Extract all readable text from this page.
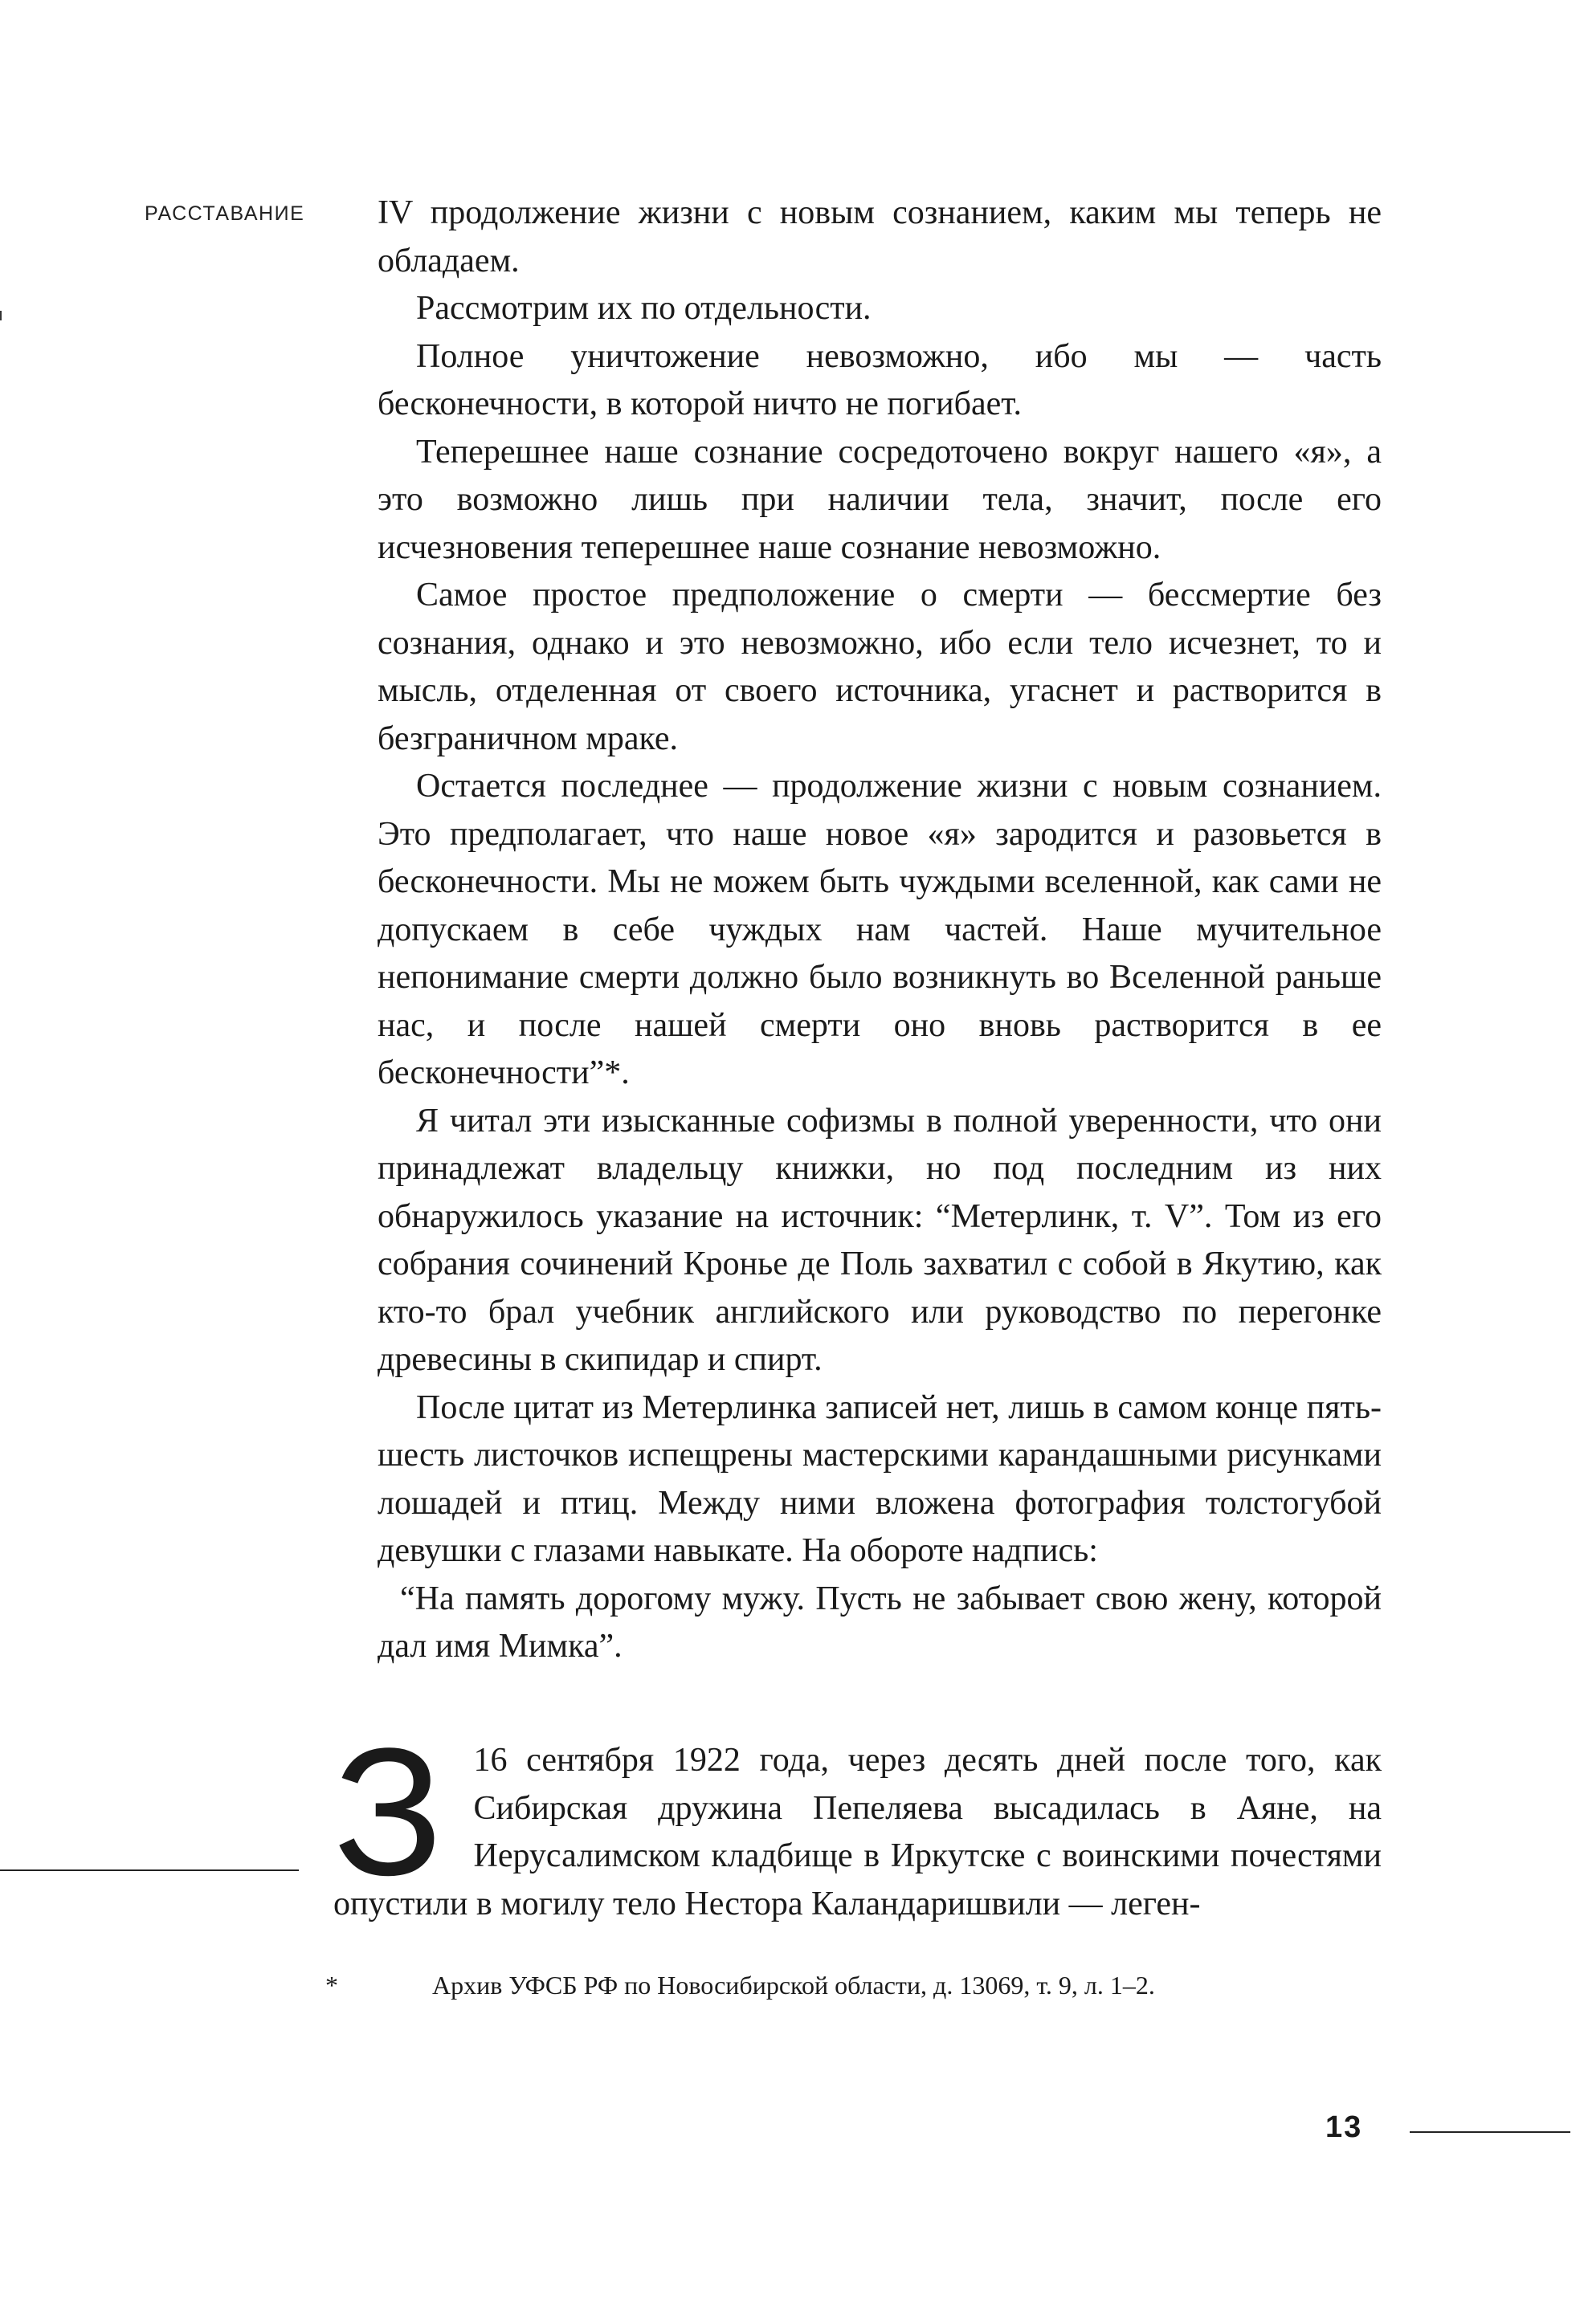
РАССТАВАНИЕ IV продолжение жизни с новым сознанием, каким мы теперь не обладаем.

Рассмотрим их по отдельности.

Полное уничтожение невозможно, ибо мы — часть бесконечности, в которой ничто не погибает.

Теперешнее наше сознание сосредоточено вокруг нашего «я», а это возможно лишь при наличии тела, значит, после его исчезновения теперешнее наше сознание невозможно.

Самое простое предположение о смерти — бессмертие без сознания, однако и это невозможно, ибо если тело исчезнет, то и мысль, отделенная от своего источника, угаснет и растворится в безграничном мраке.

Остается последнее — продолжение жизни с новым сознанием. Это предполагает, что наше новое «я» зародится и разовьется в бесконечности. Мы не можем быть чуждыми вселенной, как сами не допускаем в себе чуждых нам частей. Наше мучительное непонимание смерти должно было возникнуть во Вселенной раньше нас, и после нашей смерти оно вновь растворится в ее бесконечности”*.

Я читал эти изысканные софизмы в полной уверенности, что они принадлежат владельцу книжки, но под последним из них обнаружилось указание на источник: “Метерлинк, т. V”. Том из его собрания сочинений Кронье де Поль захватил с собой в Якутию, как кто-то брал учебник английского или руководство по перегонке древесины в скипидар и спирт.

После цитат из Метерлинка записей нет, лишь в самом конце пять-шесть листочков испещрены мастерскими карандашными рисунками лошадей и птиц. Между ними вложена фотография толстогубой девушки с глазами навыкате. На обороте надпись:

“На память дорогому мужу. Пусть не забывает свою жену, которой дал имя Мимка”.

З 16 сентября 1922 года, через десять дней после того, как Сибирская дружина Пепеляева высадилась в Аяне, на Иерусалимском кладбище в Иркутске с воинскими почестями опустили в могилу тело Нестора Каландаришвили — леген-

*	Архив УФСБ РФ по Новосибирской области, д. 13069, т. 9, л. 1–2.
13
